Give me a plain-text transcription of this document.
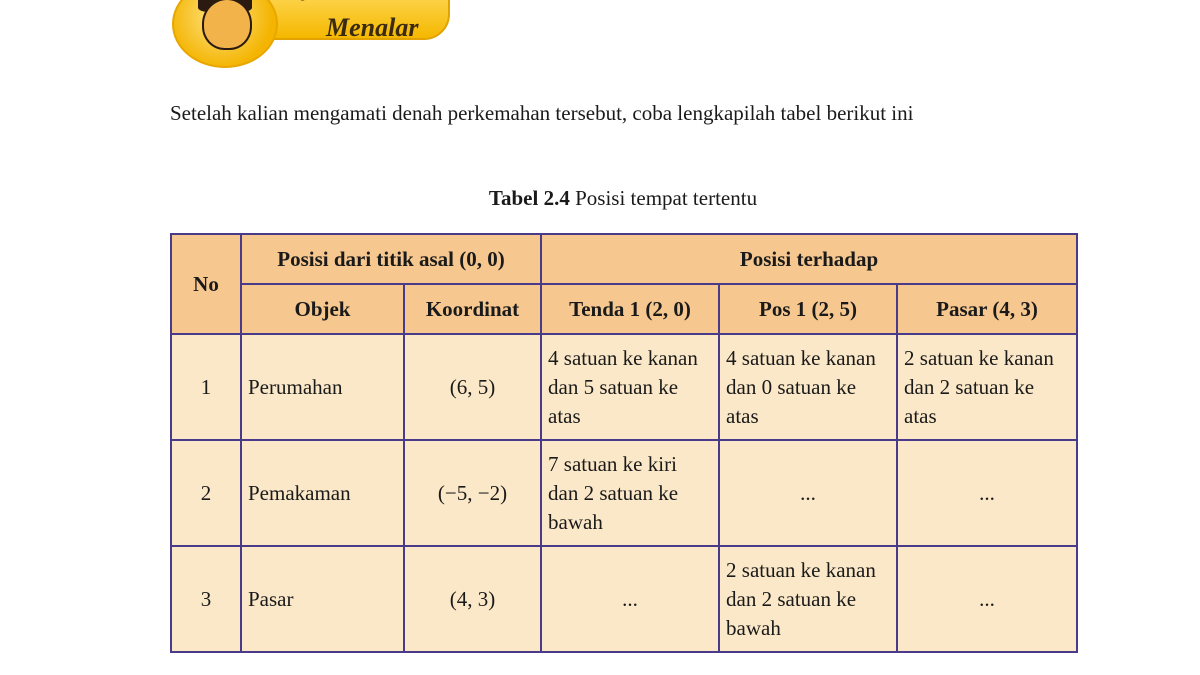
Menalar

Setelah kalian mengamati denah perkemahan tersebut, coba lengkapilah tabel berikut ini

Tabel 2.4 Posisi tempat tertentu
No	Posisi dari titik asal (0, 0)		Posisi terhadap		
	Objek	Koordinat	Tenda 1 (2, 0)	Pos 1 (2, 5)	Pasar (4, 3)
1	Perumahan	(6, 5)	4 satuan ke kanan dan 5 satuan ke atas	4 satuan ke kanan dan 0 satuan ke atas	2 satuan ke kanan dan 2 satuan ke atas
2	Pemakaman	(−5, −2)	7 satuan ke kiri dan 2 satuan ke bawah	...	...
3	Pasar	(4, 3)	...	2 satuan ke kanan dan 2 satuan ke bawah	...
